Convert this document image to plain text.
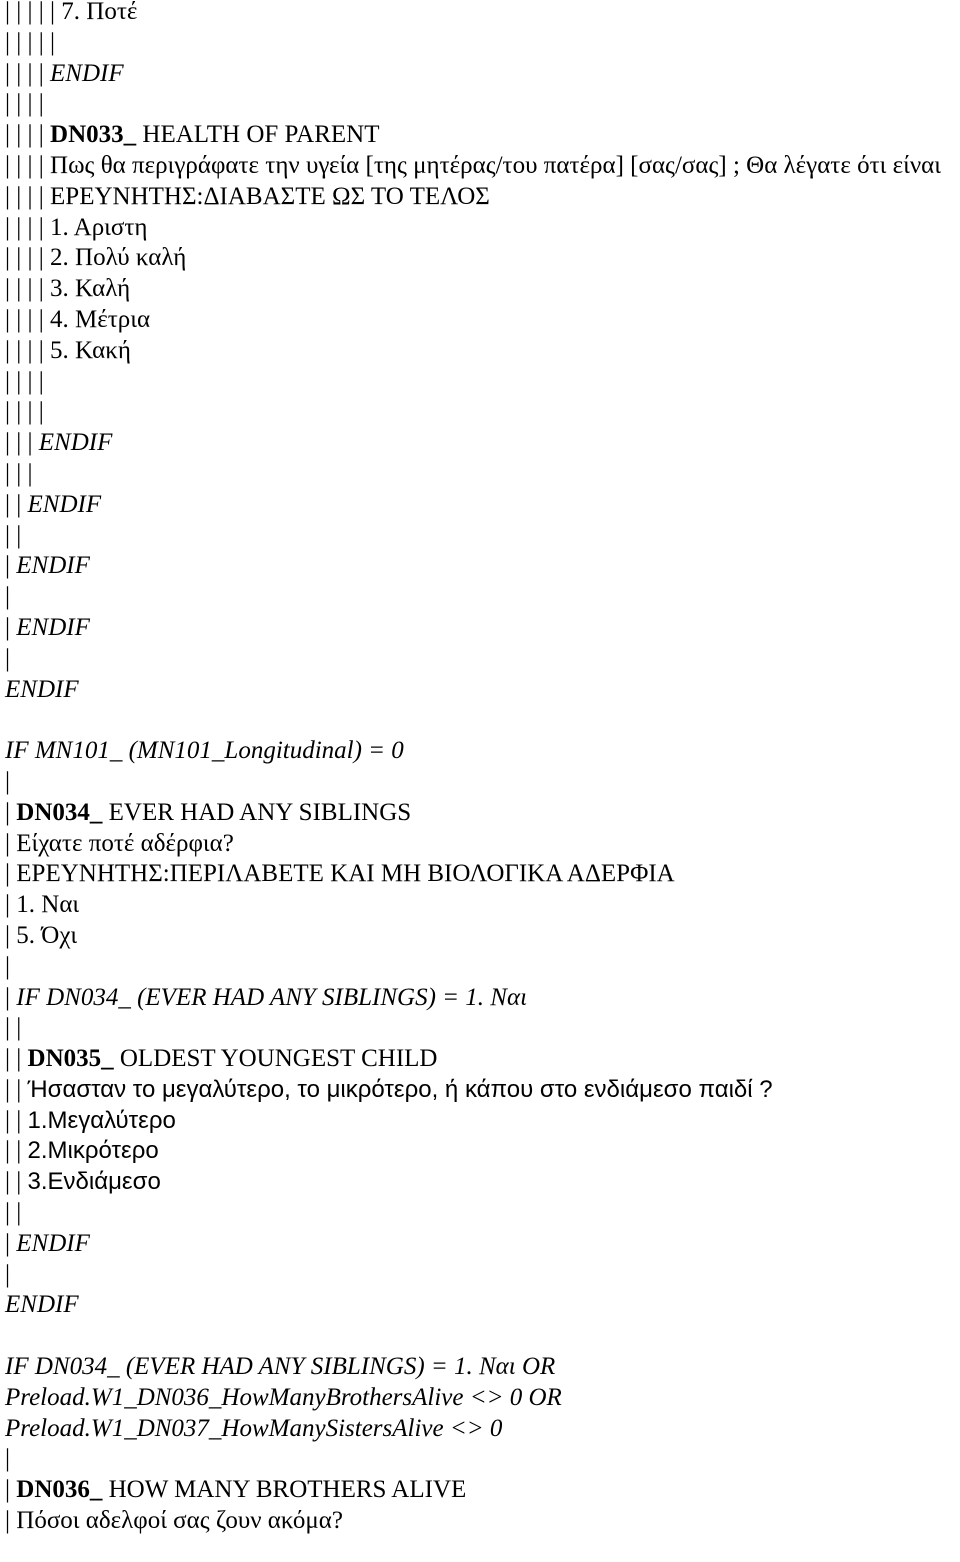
| | | | | 7. Ποτέ
| | | | |
| | | | ENDIF
| | | |
| | | | DN033_ HEALTH OF PARENT
| | | | Πως θα περιγράφατε την υγεία [της μητέρας/του πατέρα] [σας/σας] ; Θα λέγατε ότι είναι
| | | | ΕΡΕΥΝΗΤΗΣ:ΔΙΑΒΑΣΤΕ ΩΣ ΤΟ ΤΕΛΟΣ
| | | | 1. Αριστη
| | | | 2. Πολύ καλή
| | | | 3. Καλή
| | | | 4. Μέτρια
| | | | 5. Κακή
| | | |
| | | |
| | | ENDIF
| | |
| | ENDIF
| |
| ENDIF
|
| ENDIF
|
ENDIF
IF MN101_ (MN101_Longitudinal) = 0
|
| DN034_ EVER HAD ANY SIBLINGS
| Είχατε ποτέ αδέρφια?
| ΕΡΕΥΝΗΤΗΣ:ΠΕΡΙΛΑΒΕΤΕ ΚΑΙ ΜΗ ΒΙΟΛΟΓΙΚΑ ΑΔΕΡΦΙΑ
| 1. Ναι
| 5. Όχι
|
| IF DN034_ (EVER HAD ANY SIBLINGS) = 1. Ναι
| |
| | DN035_ OLDEST YOUNGEST CHILD
| | Ήσασταν το μεγαλύτερο, το μικρότερο, ή κάπου στο ενδιάμεσο παιδί ?
| | 1.Μεγαλύτερο
| | 2.Μικρότερο
| | 3.Ενδιάμεσο
| |
| ENDIF
|
ENDIF
IF DN034_ (EVER HAD ANY SIBLINGS) = 1. Ναι OR
Preload.W1_DN036_HowManyBrothersAlive <> 0 OR
Preload.W1_DN037_HowManySistersAlive <> 0
|
| DN036_ HOW MANY BROTHERS ALIVE
| Πόσοι αδελφοί σας ζουν ακόμα?
